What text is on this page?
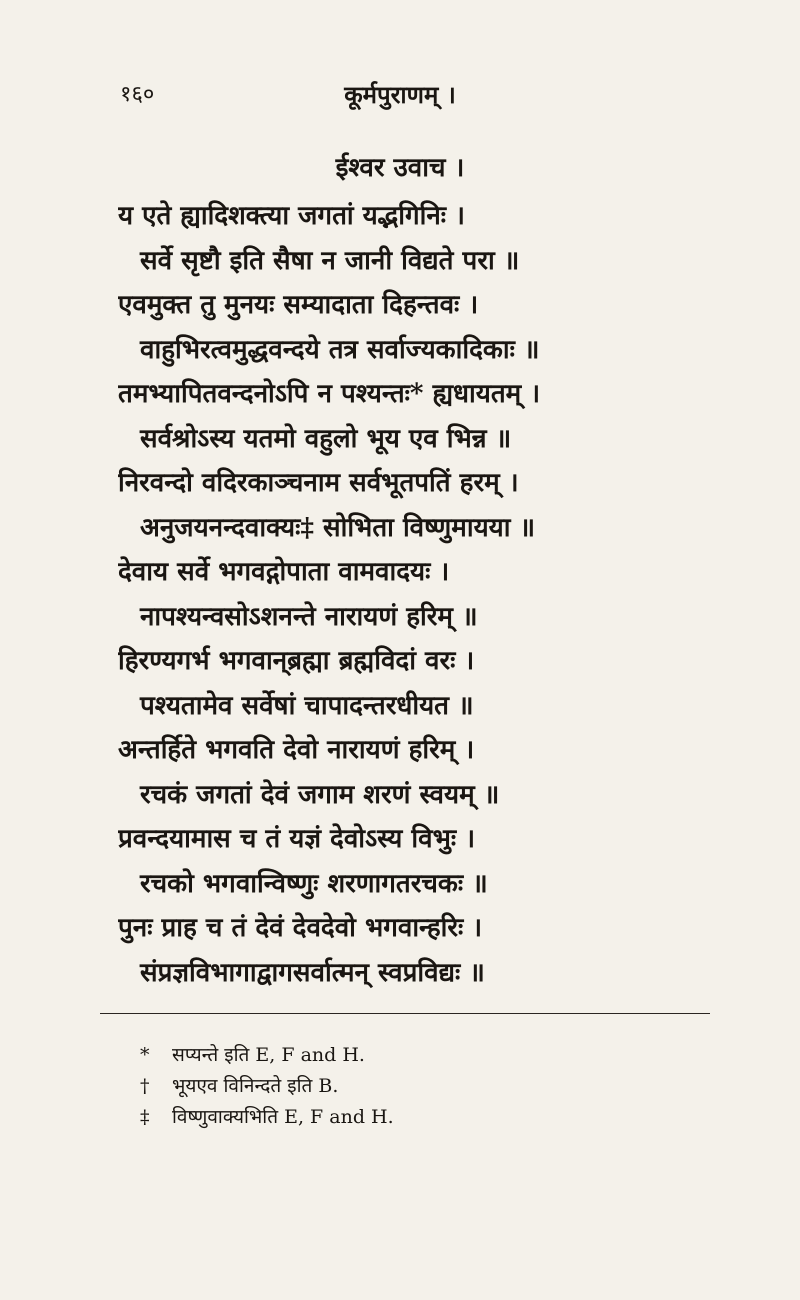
१६०	कूर्मपुराणम् ।
ईश्वर उवाच ।
य एते ह्यादिशक्त्या जगतां यद्भगिनिः ।
सर्वे सृष्टौ इति सैषा न जानी विद्यते परा ॥
एवमुक्त तु मुनयः सम्यादाता दिहन्तवः ।
वाहुभिरत्वमुद्धवन्दये तत्र सर्वाज्यकादिकाः ॥
तमभ्यापितवन्दनोऽपि न पश्यन्तः* ह्यधायतम् ।
सर्वश्रोऽस्य यतमो वहुलो भूय एव भिन्न ॥
निरवन्दो वदिरकाञ्चनाम सर्वभूतपतिं हरम् ।
अनुजयनन्दवाक्यः‡ सोभिता विष्णुमायया ॥
देवाय सर्वे भगवद्गोपाता वामवादयः ।
नापश्यन्वसोऽशनन्ते नारायणं हरिम् ॥
हिरण्यगर्भ भगवान्‌ब्रह्मा ब्रह्मविदां वरः ।
पश्यतामेव सर्वेषां चापादन्तरधीयत ॥
अन्तर्हिते भगवति देवो नारायणं हरिम् ।
रचकं जगतां देवं जगाम शरणं स्वयम् ॥
प्रवन्दयामास च तं यज्ञं देवोऽस्य विभुः ।
रचको भगवान्विष्णुः शरणागतरचकः ॥
पुनः प्राह च तं देवं देवदेवो भगवान्हरिः ।
संप्रज्ञविभागाद्वागसर्वात्मन् स्वप्रविद्यः ॥
* सप्यन्ते इति E, F and H.
† भूयएव विनिन्दते इति B.
‡ विष्णुवाक्यभिति E, F and H.
